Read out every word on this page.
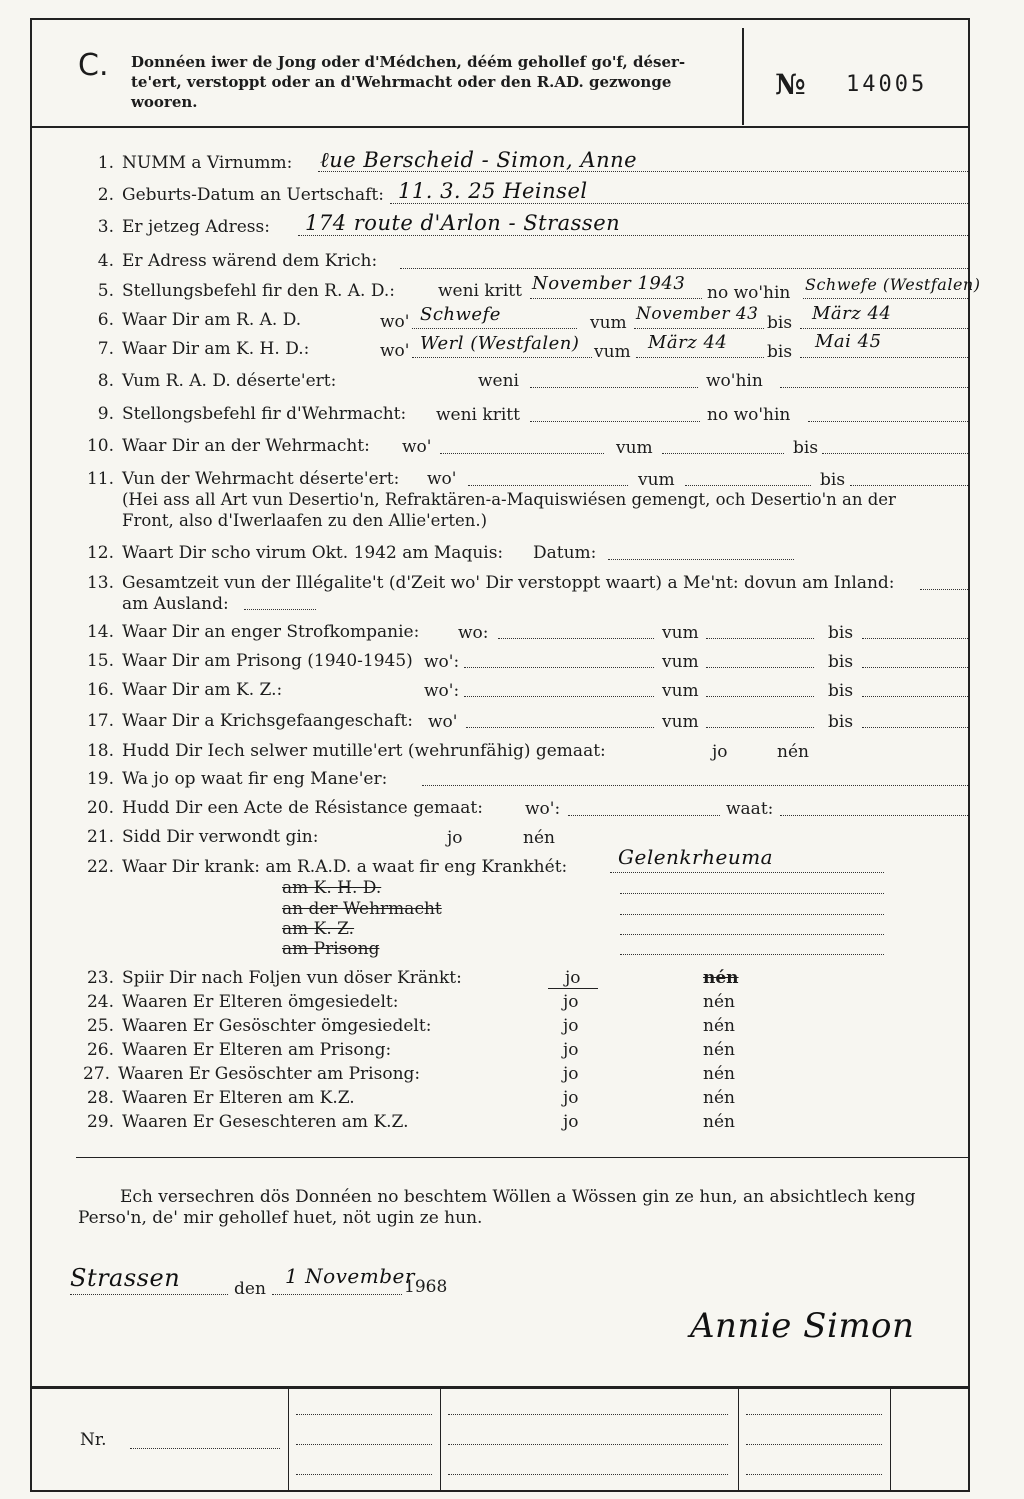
C. Donnéen iwer de Jong oder d'Médchen, déém gehollef go'f, déser-
te'ert, verstoppt oder an d'Wehrmacht oder den R.AD. gezwonge
wooren.
№ 14005
1. NUMM a Virnumm: ℓue Berscheid - Simon, Anne
2. Geburts-Datum an Uertschaft: 11. 3. 25 Heinsel
3. Er jetzeg Adress: 174 route d'Arlon - Strassen
4. Er Adress wärend dem Krich:
5. Stellungsbefehl fir den R. A. D.:	weni kritt November 1943 no wo'hin Schwefe (Westfalen)
6. Waar Dir am R. A. D.	wo' Schwefe	vum November 43 bis März 44
7. Waar Dir am K. H. D.:	wo' Werl (Westfalen) vum März 44 bis Mai 45
8. Vum R. A. D. déserte'ert:	weni	wo'hin
9. Stellongsbefehl fir d'Wehrmacht: weni kritt	no wo'hin
10. Waar Dir an der Wehrmacht: wo'	vum	bis
11. Vun der Wehrmacht déserte'ert: wo'	vum	bis
(Hei ass all Art vun Desertio'n, Refraktären-a-Maquiswiésen gemengt, och Desertio'n an der
Front, also d'Iwerlaafen zu den Allie'erten.)
12. Waart Dir scho virum Okt. 1942 am Maquis: Datum:
13. Gesamtzeit vun der Illégalite't (d'Zeit wo' Dir verstoppt waart) a Me'nt: dovun am Inland:
am Ausland:
14. Waar Dir an enger Strofkompanie: wo:	vum	bis
15. Waar Dir am Prisong (1940-1945) wo':	vum	bis
16. Waar Dir am K. Z.:	wo':	vum	bis
17. Waar Dir a Krichsgefaangeschaft: wo'	vum	bis
18. Hudd Dir Iech selwer mutille'ert (wehrunfähig) gemaat:	jo	nén
19. Wa jo op waat fir eng Mane'er:
20. Hudd Dir een Acte de Résistance gemaat: wo':	waat:
21. Sidd Dir verwondt gin:	jo	nén
22. Waar Dir krank: am R.A.D. a waat fir eng Krankhét:	Gelenkrheuma
am K. H. D.
an der Wehrmacht
am K. Z.
am Prisong
23. Spiir Dir nach Foljen vun döser Kränkt:	jo	nén
24. Waaren Er Elteren ömgesiedelt:	jo	nén
25. Waaren Er Gesöschter ömgesiedelt:	jo	nén
26. Waaren Er Elteren am Prisong:	jo	nén
27. Waaren Er Gesöschter am Prisong:	jo	nén
28. Waaren Er Elteren am K.Z.	jo	nén
29. Waaren Er Geseschteren am K.Z.	jo	nén
Ech versechren dös Donnéen no beschtem Wöllen a Wössen gin ze hun, an absichtlech keng
Perso'n, de' mir gehollef huet, nöt ugin ze hun.
Strassen	den
1 November
1968
Annie Simon
Nr.
